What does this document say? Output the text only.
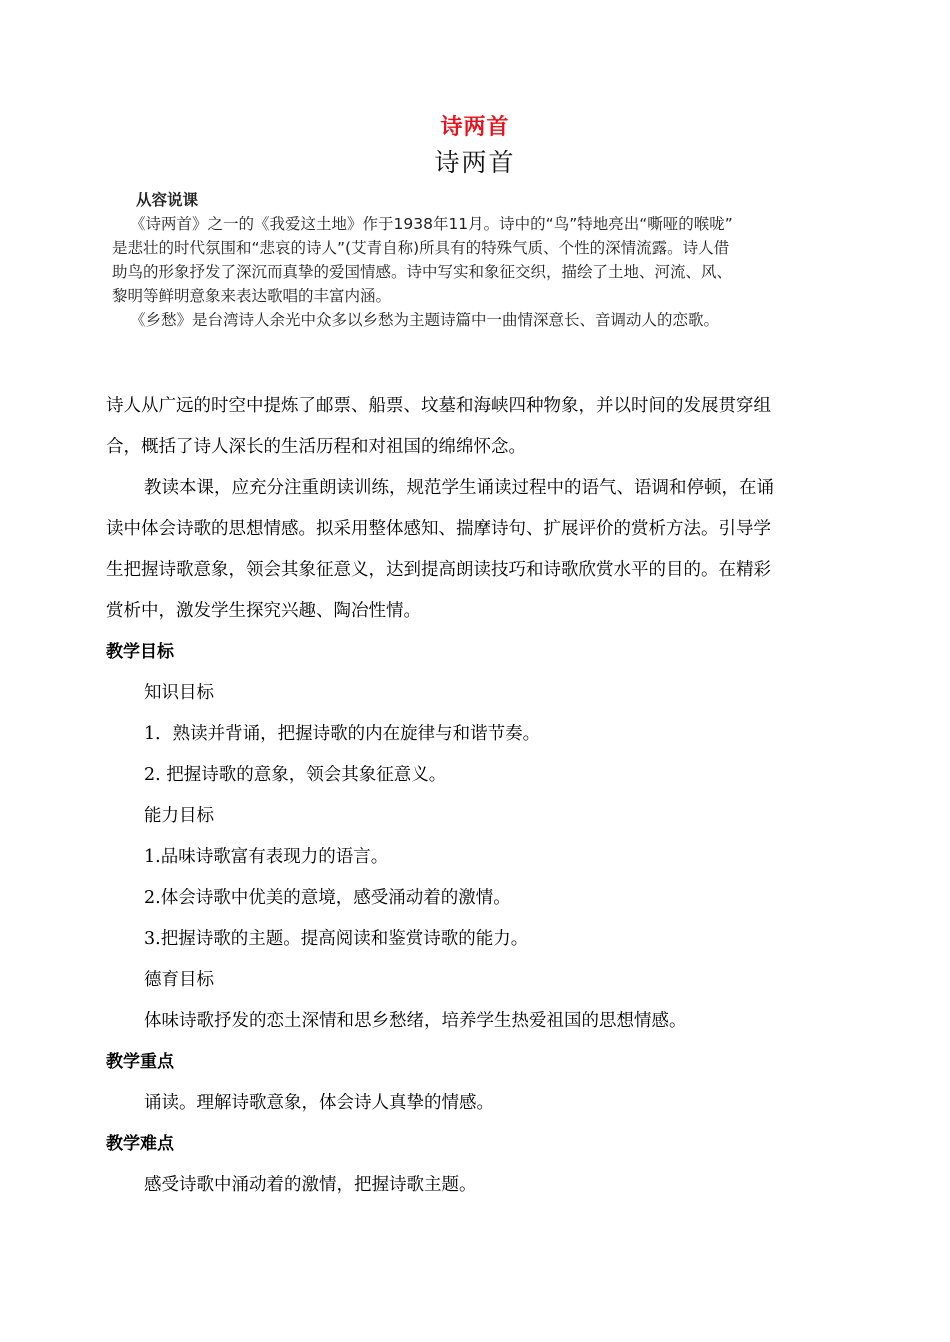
诗两首
诗两首

从容说课

《诗两首》之一的《我爱这土地》作于1938年11月。诗中的“鸟”特地亮出“嘶哑的喉咙”

是悲壮的时代氛围和“悲哀的诗人”(艾青自称)所具有的特殊气质、个性的深情流露。诗人借

助鸟的形象抒发了深沉而真挚的爱国情感。诗中写实和象征交织，描绘了土地、河流、风、

黎明等鲜明意象来表达歌唱的丰富内涵。

《乡愁》是台湾诗人余光中众多以乡愁为主题诗篇中一曲情深意长、音调动人的恋歌。

诗人从广远的时空中提炼了邮票、船票、坟墓和海峡四种物象，并以时间的发展贯穿组

合，概括了诗人深长的生活历程和对祖国的绵绵怀念。

教读本课，应充分注重朗读训练，规范学生诵读过程中的语气、语调和停顿，在诵

读中体会诗歌的思想情感。拟采用整体感知、揣摩诗句、扩展评价的赏析方法。引导学

生把握诗歌意象，领会其象征意义，达到提高朗读技巧和诗歌欣赏水平的目的。在精彩

赏析中，激发学生探究兴趣、陶冶性情。

教学目标

知识目标

1．熟读并背诵，把握诗歌的内在旋律与和谐节奏。

2. 把握诗歌的意象，领会其象征意义。

能力目标

1.品味诗歌富有表现力的语言。

2.体会诗歌中优美的意境，感受涌动着的激情。

3.把握诗歌的主题。提高阅读和鉴赏诗歌的能力。

德育目标

体味诗歌抒发的恋土深情和思乡愁绪，培养学生热爱祖国的思想情感。

教学重点

诵读。理解诗歌意象，体会诗人真挚的情感。

教学难点

感受诗歌中涌动着的激情，把握诗歌主题。
